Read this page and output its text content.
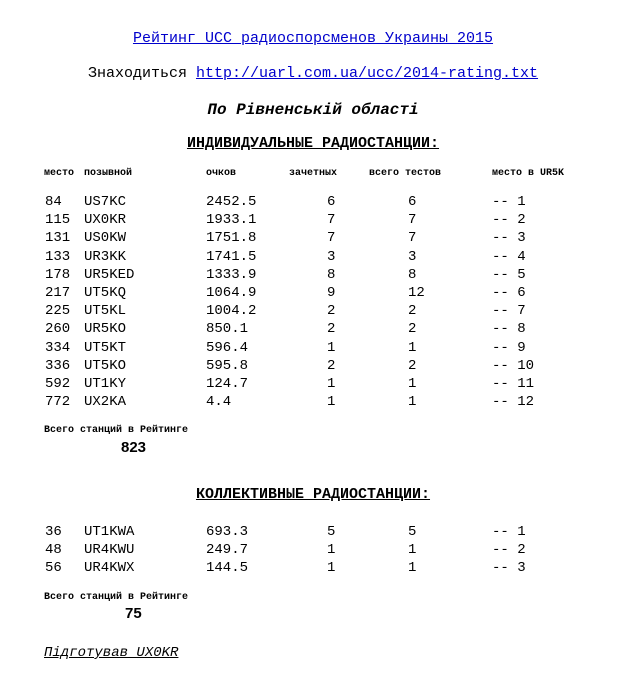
Рейтинг UCC радиоспорсменов Украины 2015
Знаходиться http://uarl.com.ua/ucc/2014-rating.txt
По Рівненській області
ИНДИВИДУАЛЬНЫЕ РАДИОСТАНЦИИ:
место позывной	очков	зачетных	всего тестов	место в UR5K
84 US7KC	2452.5	6	6	-- 1
115 UX0KR	1933.1	7	7	-- 2
131 US0KW	1751.8	7	7	-- 3
133 UR3KK	1741.5	3	3	-- 4
178 UR5KED	1333.9	8	8	-- 5
217 UT5KQ	1064.9	9	12	-- 6
225 UT5KL	1004.2	2	2	-- 7
260 UR5KO	850.1	2	2	-- 8
334 UT5KT	596.4	1	1	-- 9
336 UT5KO	595.8	2	2	-- 10
592 UT1KY	124.7	1	1	-- 11
772 UX2KA	4.4	1	1	-- 12
Всего станций в Рейтинге
823
КОЛЛЕКТИВНЫЕ РАДИОСТАНЦИИ:
36 UT1KWA	693.3	5	5	-- 1
48 UR4KWU	249.7	1	1	-- 2
56 UR4KWX	144.5	1	1	-- 3
Всего станций в Рейтинге
75
Підготував UX0KR
